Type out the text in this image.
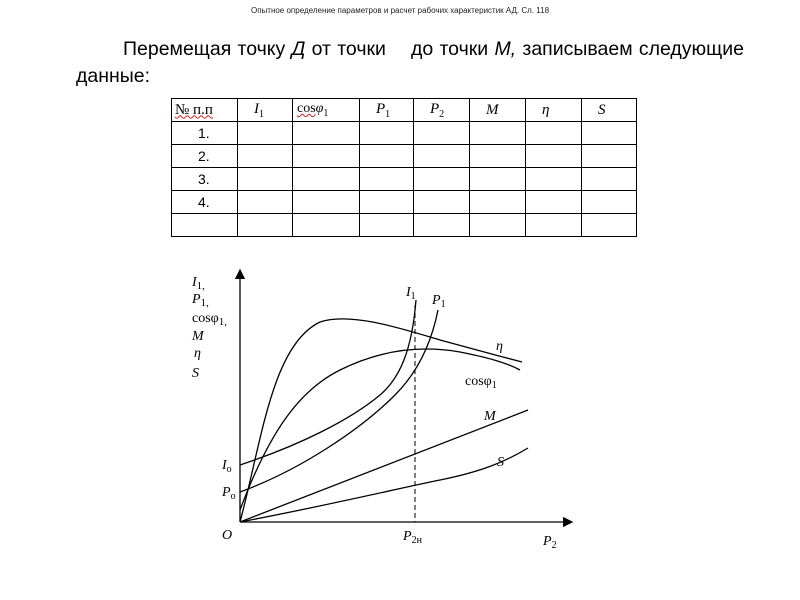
Опытное определение параметров и расчет рабочих характеристик АД. Сл. 118
Перемещая точку Д от точки до точки М, записываем следующие данные:
№ п.п	$I_1$	cosφ$_1$	$P_1$	$P_2$	M	η	S
1.							
2.							
3.							
4.							

$I_{1,}$
$P_{1,}$
cosφ$_{1,}$
M
η
S
$I_o$
$P_o$
O	$P_{2н}$	$P_2$
$I_1$ $P_1$
η
cosφ$_1$
M
S
